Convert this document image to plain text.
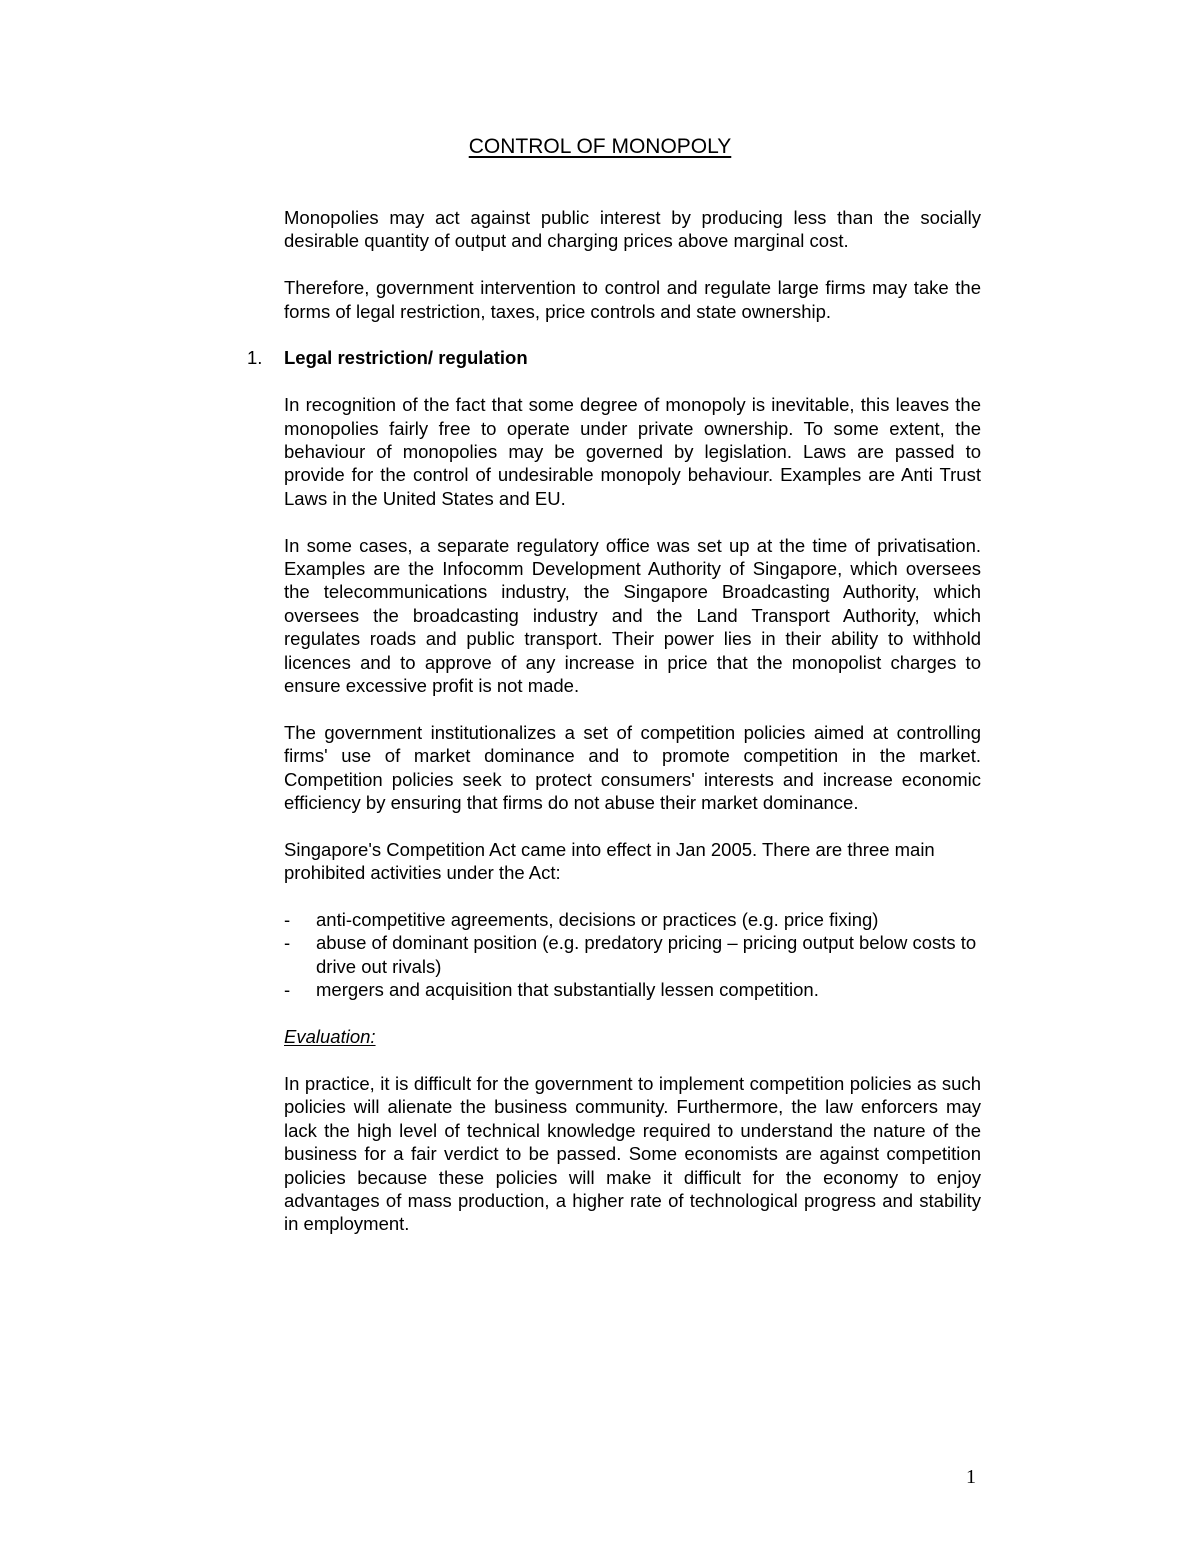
CONTROL OF MONOPOLY

Monopolies may act against public interest by producing less than the socially desirable quantity of output and charging prices above marginal cost.

Therefore, government intervention to control and regulate large firms may take the forms of legal restriction, taxes, price controls and state ownership.

1. Legal restriction/ regulation

In recognition of the fact that some degree of monopoly is inevitable, this leaves the monopolies fairly free to operate under private ownership. To some extent, the behaviour of monopolies may be governed by legislation. Laws are passed to provide for the control of undesirable monopoly behaviour. Examples are Anti Trust Laws in the United States and EU.

In some cases, a separate regulatory office was set up at the time of privatisation. Examples are the Infocomm Development Authority of Singapore, which oversees the telecommunications industry, the Singapore Broadcasting Authority, which oversees the broadcasting industry and the Land Transport Authority, which regulates roads and public transport. Their power lies in their ability to withhold licences and to approve of any increase in price that the monopolist charges to ensure excessive profit is not made.

The government institutionalizes a set of competition policies aimed at controlling firms' use of market dominance and to promote competition in the market. Competition policies seek to protect consumers' interests and increase economic efficiency by ensuring that firms do not abuse their market dominance.

Singapore's Competition Act came into effect in Jan 2005. There are three main prohibited activities under the Act:

- anti-competitive agreements, decisions or practices (e.g. price fixing)
- abuse of dominant position (e.g. predatory pricing – pricing output below costs to drive out rivals)
- mergers and acquisition that substantially lessen competition.
Evaluation:

In practice, it is difficult for the government to implement competition policies as such policies will alienate the business community. Furthermore, the law enforcers may lack the high level of technical knowledge required to understand the nature of the business for a fair verdict to be passed. Some economists are against competition policies because these policies will make it difficult for the economy to enjoy advantages of mass production, a higher rate of technological progress and stability in employment.

1
